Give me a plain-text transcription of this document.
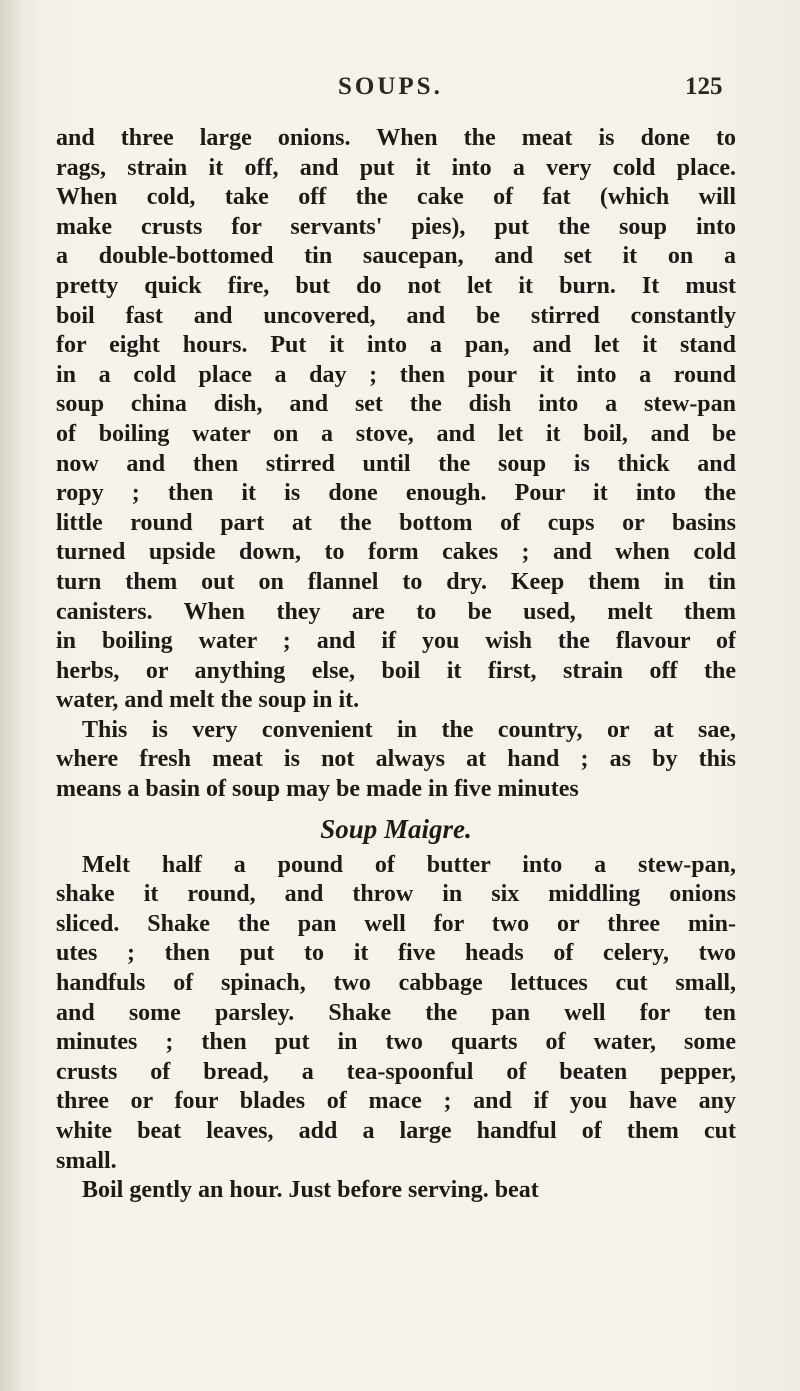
SOUPS.	125
and three large onions. When the meat is done to
rags, strain it off, and put it into a very cold place.
When cold, take off the cake of fat (which will
make crusts for servants' pies), put the soup into
a double-bottomed tin saucepan, and set it on a
pretty quick fire, but do not let it burn. It must
boil fast and uncovered, and be stirred constantly
for eight hours. Put it into a pan, and let it stand
in a cold place a day ; then pour it into a round
soup china dish, and set the dish into a stew-pan
of boiling water on a stove, and let it boil, and be
now and then stirred until the soup is thick and
ropy ; then it is done enough. Pour it into the
little round part at the bottom of cups or basins
turned upside down, to form cakes ; and when cold
turn them out on flannel to dry. Keep them in tin
canisters. When they are to be used, melt them
in boiling water ; and if you wish the flavour of
herbs, or anything else, boil it first, strain off the
water, and melt the soup in it.
This is very convenient in the country, or at sae,
where fresh meat is not always at hand ; as by this
means a basin of soup may be made in five minutes
Soup Maigre.
Melt half a pound of butter into a stew-pan,
shake it round, and throw in six middling onions
sliced. Shake the pan well for two or three min-
utes ; then put to it five heads of celery, two
handfuls of spinach, two cabbage lettuces cut small,
and some parsley. Shake the pan well for ten
minutes ; then put in two quarts of water, some
crusts of bread, a tea-spoonful of beaten pepper,
three or four blades of mace ; and if you have any
white beat leaves, add a large handful of them cut
small.
Boil gently an hour. Just before serving. beat
